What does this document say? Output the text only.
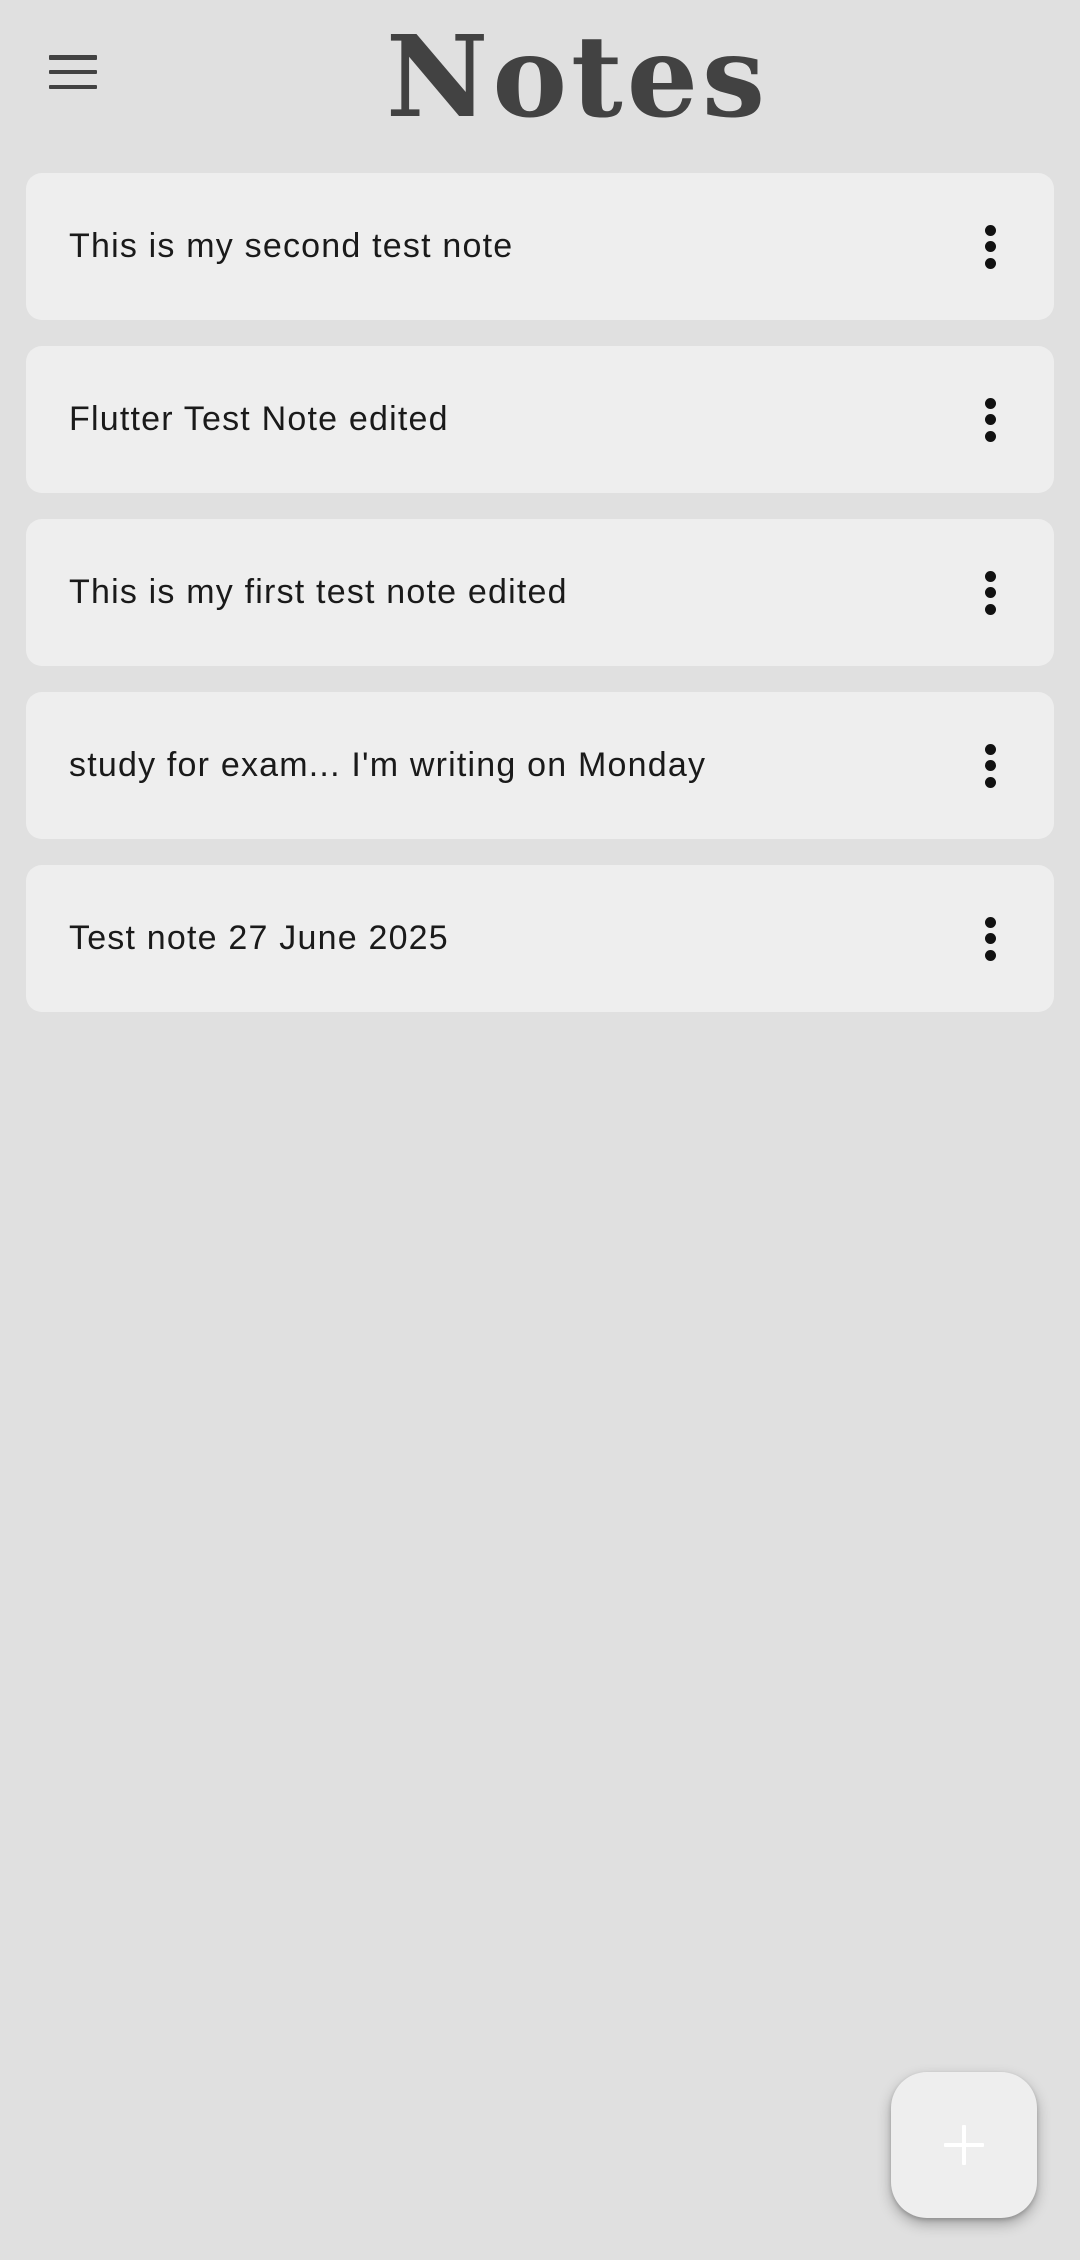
Notes
This is my second test note
Flutter Test Note edited
This is my first test note edited
study for exam... I'm writing on Monday
Test note 27 June 2025
